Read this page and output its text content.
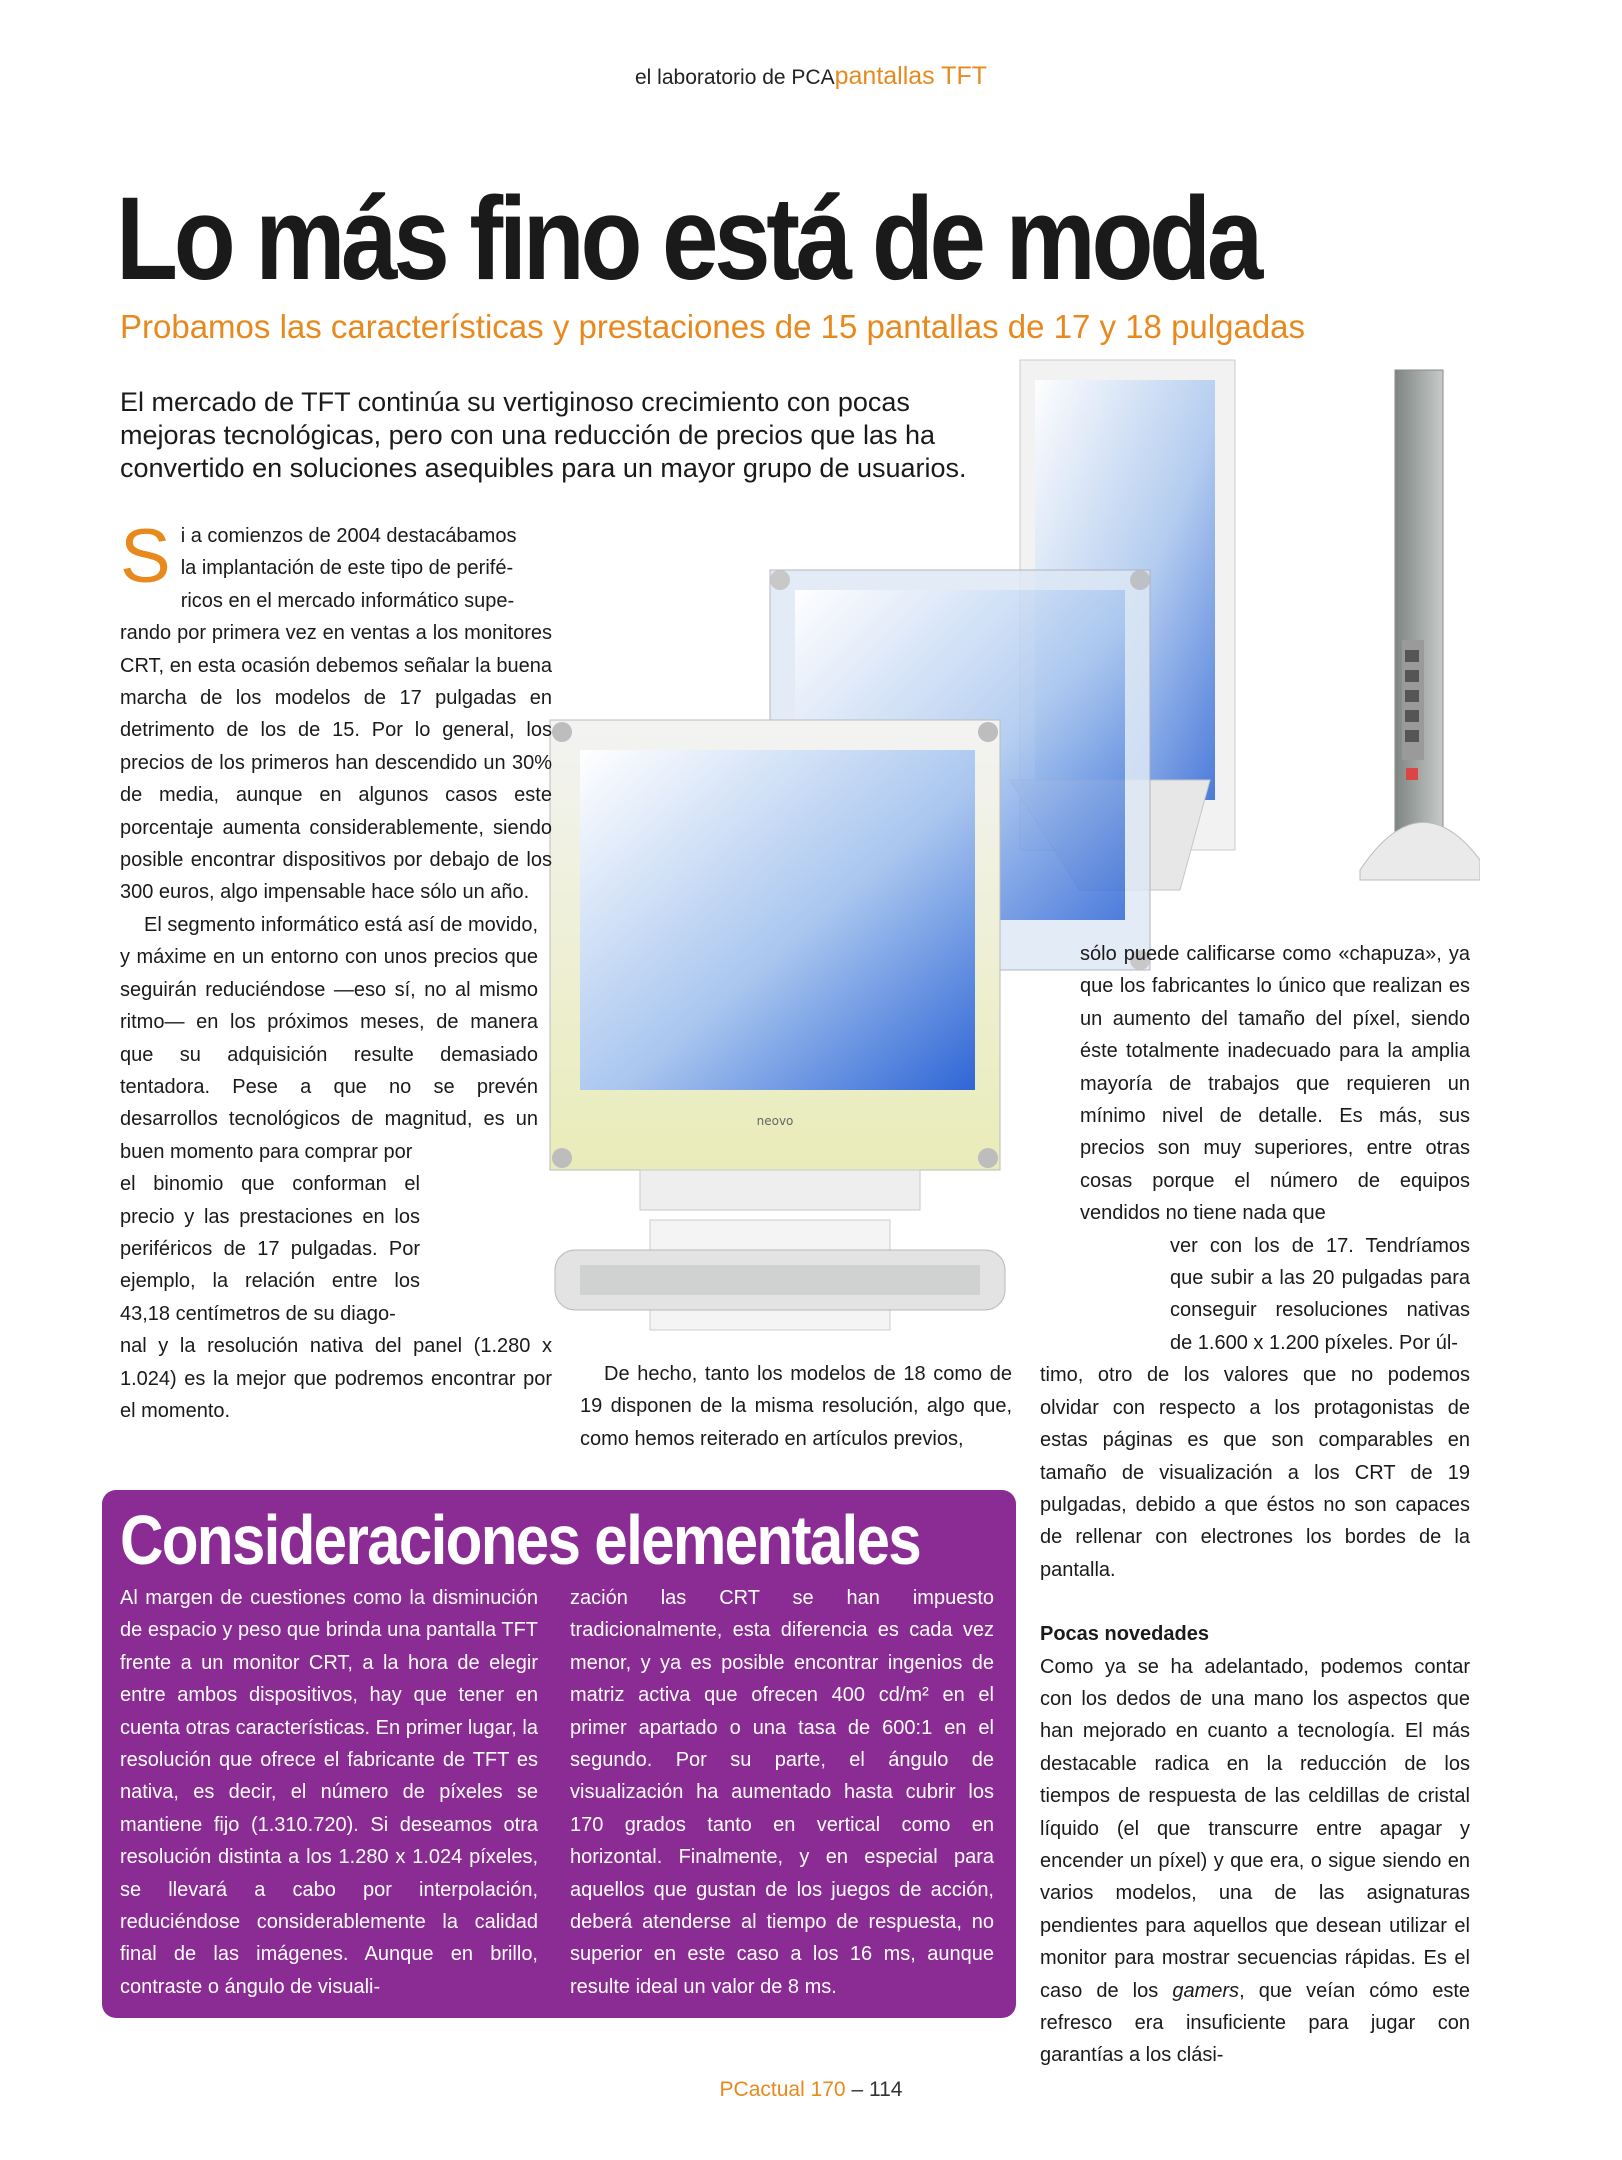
el laboratorio de PCApantallas TFT
Lo más fino está de moda
Probamos las características y prestaciones de 15 pantallas de 17 y 18 pulgadas
El mercado de TFT continúa su vertiginoso crecimiento con pocas mejoras tecnológicas, pero con una reducción de precios que las ha convertido en soluciones asequibles para un mayor grupo de usuarios.
neovo
S i a comienzos de 2004 destacábamos
la implantación de este tipo de perifé-
ricos en el mercado informático supe-

rando por primera vez en ventas a los monitores CRT, en esta ocasión debemos señalar la buena marcha de los modelos de 17 pulgadas en detrimento de los de 15. Por lo general, los precios de los primeros han descendido un 30% de media, aunque en algunos casos este porcentaje aumenta considerablemente, siendo posible encontrar dispositivos por debajo de los 300 euros, algo impensable hace sólo un año.

El segmento informático está así de movido, y máxime en un entorno con unos precios que seguirán reduciéndose —eso sí, no al mismo ritmo— en los próximos meses, de manera que su adquisición resulte demasiado tentadora. Pese a que no se prevén desarrollos tecnológicos de magnitud, es un buen momento para comprar por

el binomio que conforman el precio y las prestaciones en los periféricos de 17 pulgadas. Por ejemplo, la relación entre los 43,18 centímetros de su diago-

nal y la resolución nativa del panel (1.280 x 1.024) es la mejor que podremos encontrar por el momento.

De hecho, tanto los modelos de 18 como de 19 disponen de la misma resolución, algo que, como hemos reiterado en artículos previos,

sólo puede calificarse como «chapuza», ya que los fabricantes lo único que realizan es un aumento del tamaño del píxel, siendo éste totalmente inadecuado para la amplia mayoría de trabajos que requieren un mínimo nivel de detalle. Es más, sus precios son muy superiores, entre otras cosas porque el número de equipos vendidos no tiene nada que

ver con los de 17. Tendríamos que subir a las 20 pulgadas para conseguir resoluciones nativas de 1.600 x 1.200 píxeles. Por úl-

timo, otro de los valores que no podemos olvidar con respecto a los protagonistas de estas páginas es que son comparables en tamaño de visualización a los CRT de 19 pulgadas, debido a que éstos no son capaces de rellenar con electrones los bordes de la pantalla.

Pocas novedades

Como ya se ha adelantado, podemos contar con los dedos de una mano los aspectos que han mejorado en cuanto a tecnología. El más destacable radica en la reducción de los tiempos de respuesta de las celdillas de cristal líquido (el que transcurre entre apagar y encender un píxel) y que era, o sigue siendo en varios modelos, una de las asignaturas pendientes para aquellos que desean utilizar el monitor para mostrar secuencias rápidas. Es el caso de los gamers, que veían cómo este refresco era insuficiente para jugar con garantías a los clási-

Consideraciones elementales

Al margen de cuestiones como la disminución de espacio y peso que brinda una pantalla TFT frente a un monitor CRT, a la hora de elegir entre ambos dispositivos, hay que tener en cuenta otras características. En primer lugar, la resolución que ofrece el fabricante de TFT es nativa, es decir, el número de píxeles se mantiene fijo (1.310.720). Si deseamos otra resolución distinta a los 1.280 x 1.024 píxeles, se llevará a cabo por interpolación, reduciéndose considerablemente la calidad final de las imágenes. Aunque en brillo, contraste o ángulo de visuali-

zación las CRT se han impuesto tradicionalmente, esta diferencia es cada vez menor, y ya es posible encontrar ingenios de matriz activa que ofrecen 400 cd/m² en el primer apartado o una tasa de 600:1 en el segundo. Por su parte, el ángulo de visualización ha aumentado hasta cubrir los 170 grados tanto en vertical como en horizontal. Finalmente, y en especial para aquellos que gustan de los juegos de acción, deberá atenderse al tiempo de respuesta, no superior en este caso a los 16 ms, aunque resulte ideal un valor de 8 ms.

PCactual 170 – 114
